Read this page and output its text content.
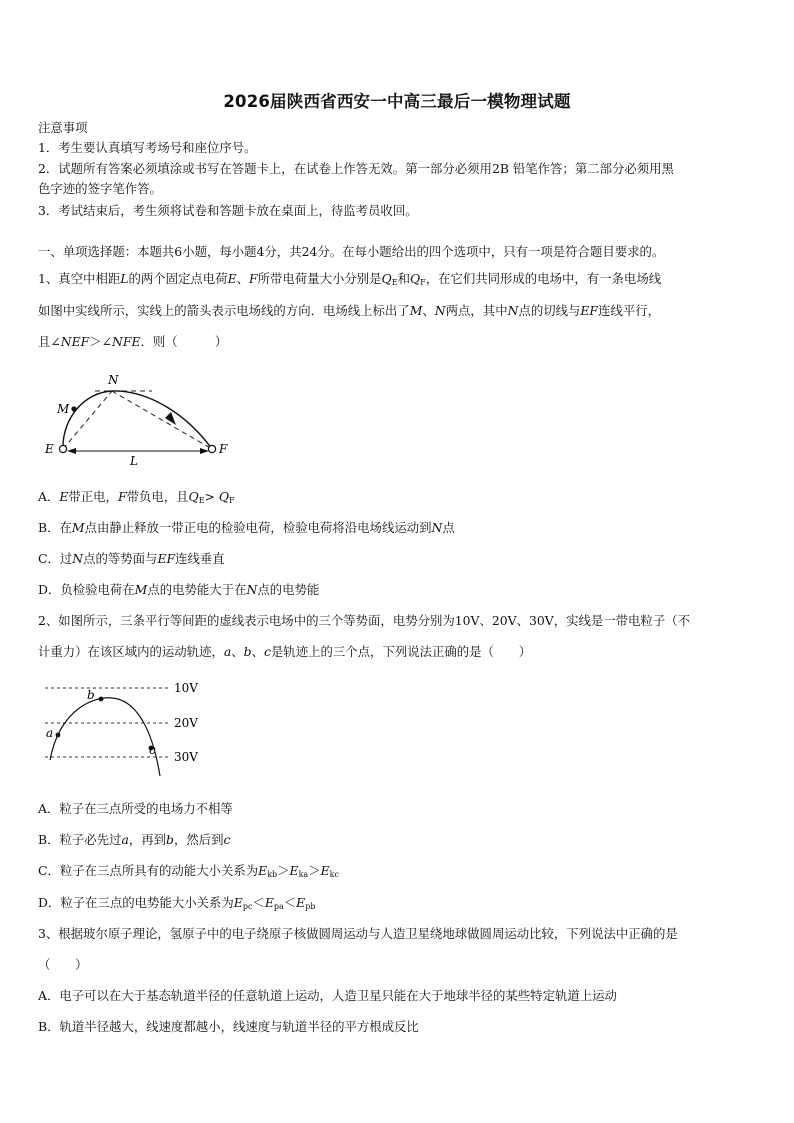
2026届陕西省西安一中高三最后一模物理试题
注意事项
1．考生要认真填写考场号和座位序号。
2．试题所有答案必须填涂或书写在答题卡上，在试卷上作答无效。第一部分必须用2B 铅笔作答；第二部分必须用黑
色字迹的签字笔作答。
3．考试结束后，考生须将试卷和答题卡放在桌面上，待监考员收回。
一、单项选择题：本题共6小题，每小题4分，共24分。在每小题给出的四个选项中，只有一项是符合题目要求的。
1、真空中相距L的两个固定点电荷E、F所带电荷量大小分别是$Q_E$和$Q_F$，在它们共同形成的电场中，有一条电场线
如图中实线所示，实线上的箭头表示电场线的方向．电场线上标出了M、N两点，其中N点的切线与EF连线平行，
且∠NEF＞∠NFE．则（　　　）
N
M
E	F
L
A．E带正电，F带负电，且$Q_E> Q_F$
B．在M点由静止释放一带正电的检验电荷，检验电荷将沿电场线运动到N点
C．过N点的等势面与EF连线垂直
D．负检验电荷在M点的电势能大于在N点的电势能
2、如图所示，三条平行等间距的虚线表示电场中的三个等势面，电势分别为10V、20V、30V，实线是一带电粒子（不
计重力）在该区域内的运动轨迹，a、b、c是轨迹上的三个点，下列说法正确的是（　　）
10V
20V
30V
a
b
c
A．粒子在三点所受的电场力不相等
B．粒子必先过a，再到b，然后到c
C．粒子在三点所具有的动能大小关系为$E_{kb}>E_{ka}>E_{kc}$
D．粒子在三点的电势能大小关系为$E_{pc}<E_{pa}<E_{pb}$
3、根据玻尔原子理论，氢原子中的电子绕原子核做圆周运动与人造卫星绕地球做圆周运动比较，下列说法中正确的是
（　　）
A．电子可以在大于基态轨道半径的任意轨道上运动，人造卫星只能在大于地球半径的某些特定轨道上运动
B．轨道半径越大，线速度都越小，线速度与轨道半径的平方根成反比
